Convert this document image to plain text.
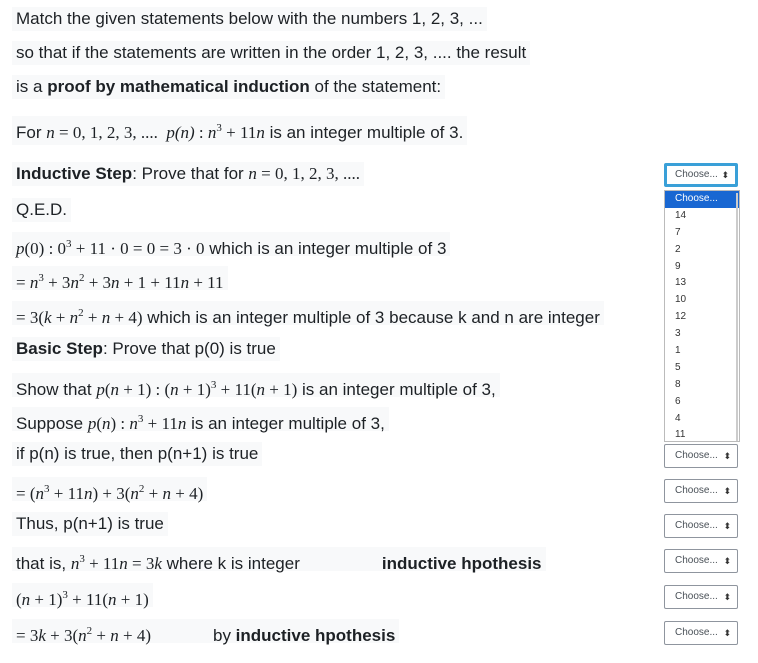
Match the given statements below with the numbers 1, 2, 3, ...
so that if the statements are written in the order 1, 2, 3, .... the result
is a proof by mathematical induction of the statement:
For n = 0, 1, 2, 3, ....  p(n) : $n^3 + 11n$ is an integer multiple of 3.
Inductive Step: Prove that for n = 0, 1, 2, 3, ....
Q.E.D.
p(0) : $0^3 + 11 \cdot 0 = 0 = 3 \cdot 0$ which is an integer multiple of 3
= $n^3 + 3n^2 + 3n + 1 + 11n + 11$
= $3(k + n^2 + n + 4)$ which is an integer multiple of 3 because k and n are integer
Basic Step: Prove that p(0) is true
Show that p(n + 1) : $(n + 1)^3 + 11(n + 1)$ is an integer multiple of 3,
Suppose p(n) : $n^3 + 11n$ is an integer multiple of 3,
if p(n) is true, then p(n+1) is true
= $(n^3 + 11n) + 3(n^2 + n + 4)$
Thus, p(n+1) is true
that is, $n^3 + 11n = 3k$ where k is integer	inductive hpothesis
$(n + 1)^3 + 11(n + 1)$
= $3k + 3(n^2 + n + 4)$	by inductive hpothesis
Choose... ⬍
Choose... ⬍
Choose... ⬍
Choose... ⬍
Choose... ⬍
Choose... ⬍
Choose... ⬍
Choose...
14
7
2
9
13
10
12
3
1
5
8
6
4
11
